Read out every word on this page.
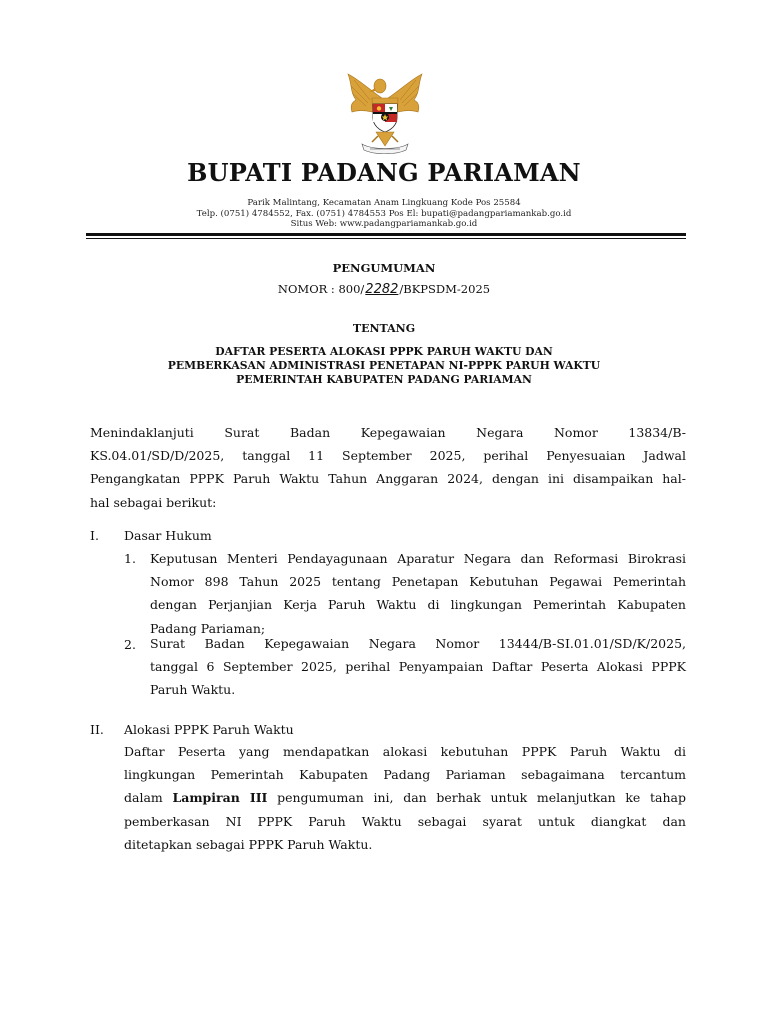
BUPATI PADANG PARIAMAN
Parik Malintang, Kecamatan Anam Lingkuang Kode Pos 25584
Telp. (0751) 4784552, Fax. (0751) 4784553 Pos El: bupati@padangpariamankab.go.id
Situs Web: www.padangpariamankab.go.id
PENGUMUMAN
NOMOR : 800/2282/BKPSDM-2025
TENTANG
DAFTAR PESERTA ALOKASI PPPK PARUH WAKTU DAN
PEMBERKASAN ADMINISTRASI PENETAPAN NI-PPPK PARUH WAKTU
PEMERINTAH KABUPATEN PADANG PARIAMAN
Menindaklanjuti Surat Badan Kepegawaian Negara Nomor 13834/B-
KS.04.01/SD/D/2025, tanggal 11 September 2025, perihal Penyesuaian Jadwal
Pengangkatan PPPK Paruh Waktu Tahun Anggaran 2024, dengan ini disampaikan hal-
hal sebagai berikut:
I. Dasar Hukum
1. Keputusan Menteri Pendayagunaan Aparatur Negara dan Reformasi Birokrasi
Nomor 898 Tahun 2025 tentang Penetapan Kebutuhan Pegawai Pemerintah
dengan Perjanjian Kerja Paruh Waktu di lingkungan Pemerintah Kabupaten
Padang Pariaman;
2. Surat Badan Kepegawaian Negara Nomor 13444/B-SI.01.01/SD/K/2025,
tanggal 6 September 2025, perihal Penyampaian Daftar Peserta Alokasi PPPK
Paruh Waktu.
II. Alokasi PPPK Paruh Waktu
Daftar Peserta yang mendapatkan alokasi kebutuhan PPPK Paruh Waktu di
lingkungan Pemerintah Kabupaten Padang Pariaman sebagaimana tercantum
dalam Lampiran III pengumuman ini, dan berhak untuk melanjutkan ke tahap
pemberkasan NI PPPK Paruh Waktu sebagai syarat untuk diangkat dan
ditetapkan sebagai PPPK Paruh Waktu.
